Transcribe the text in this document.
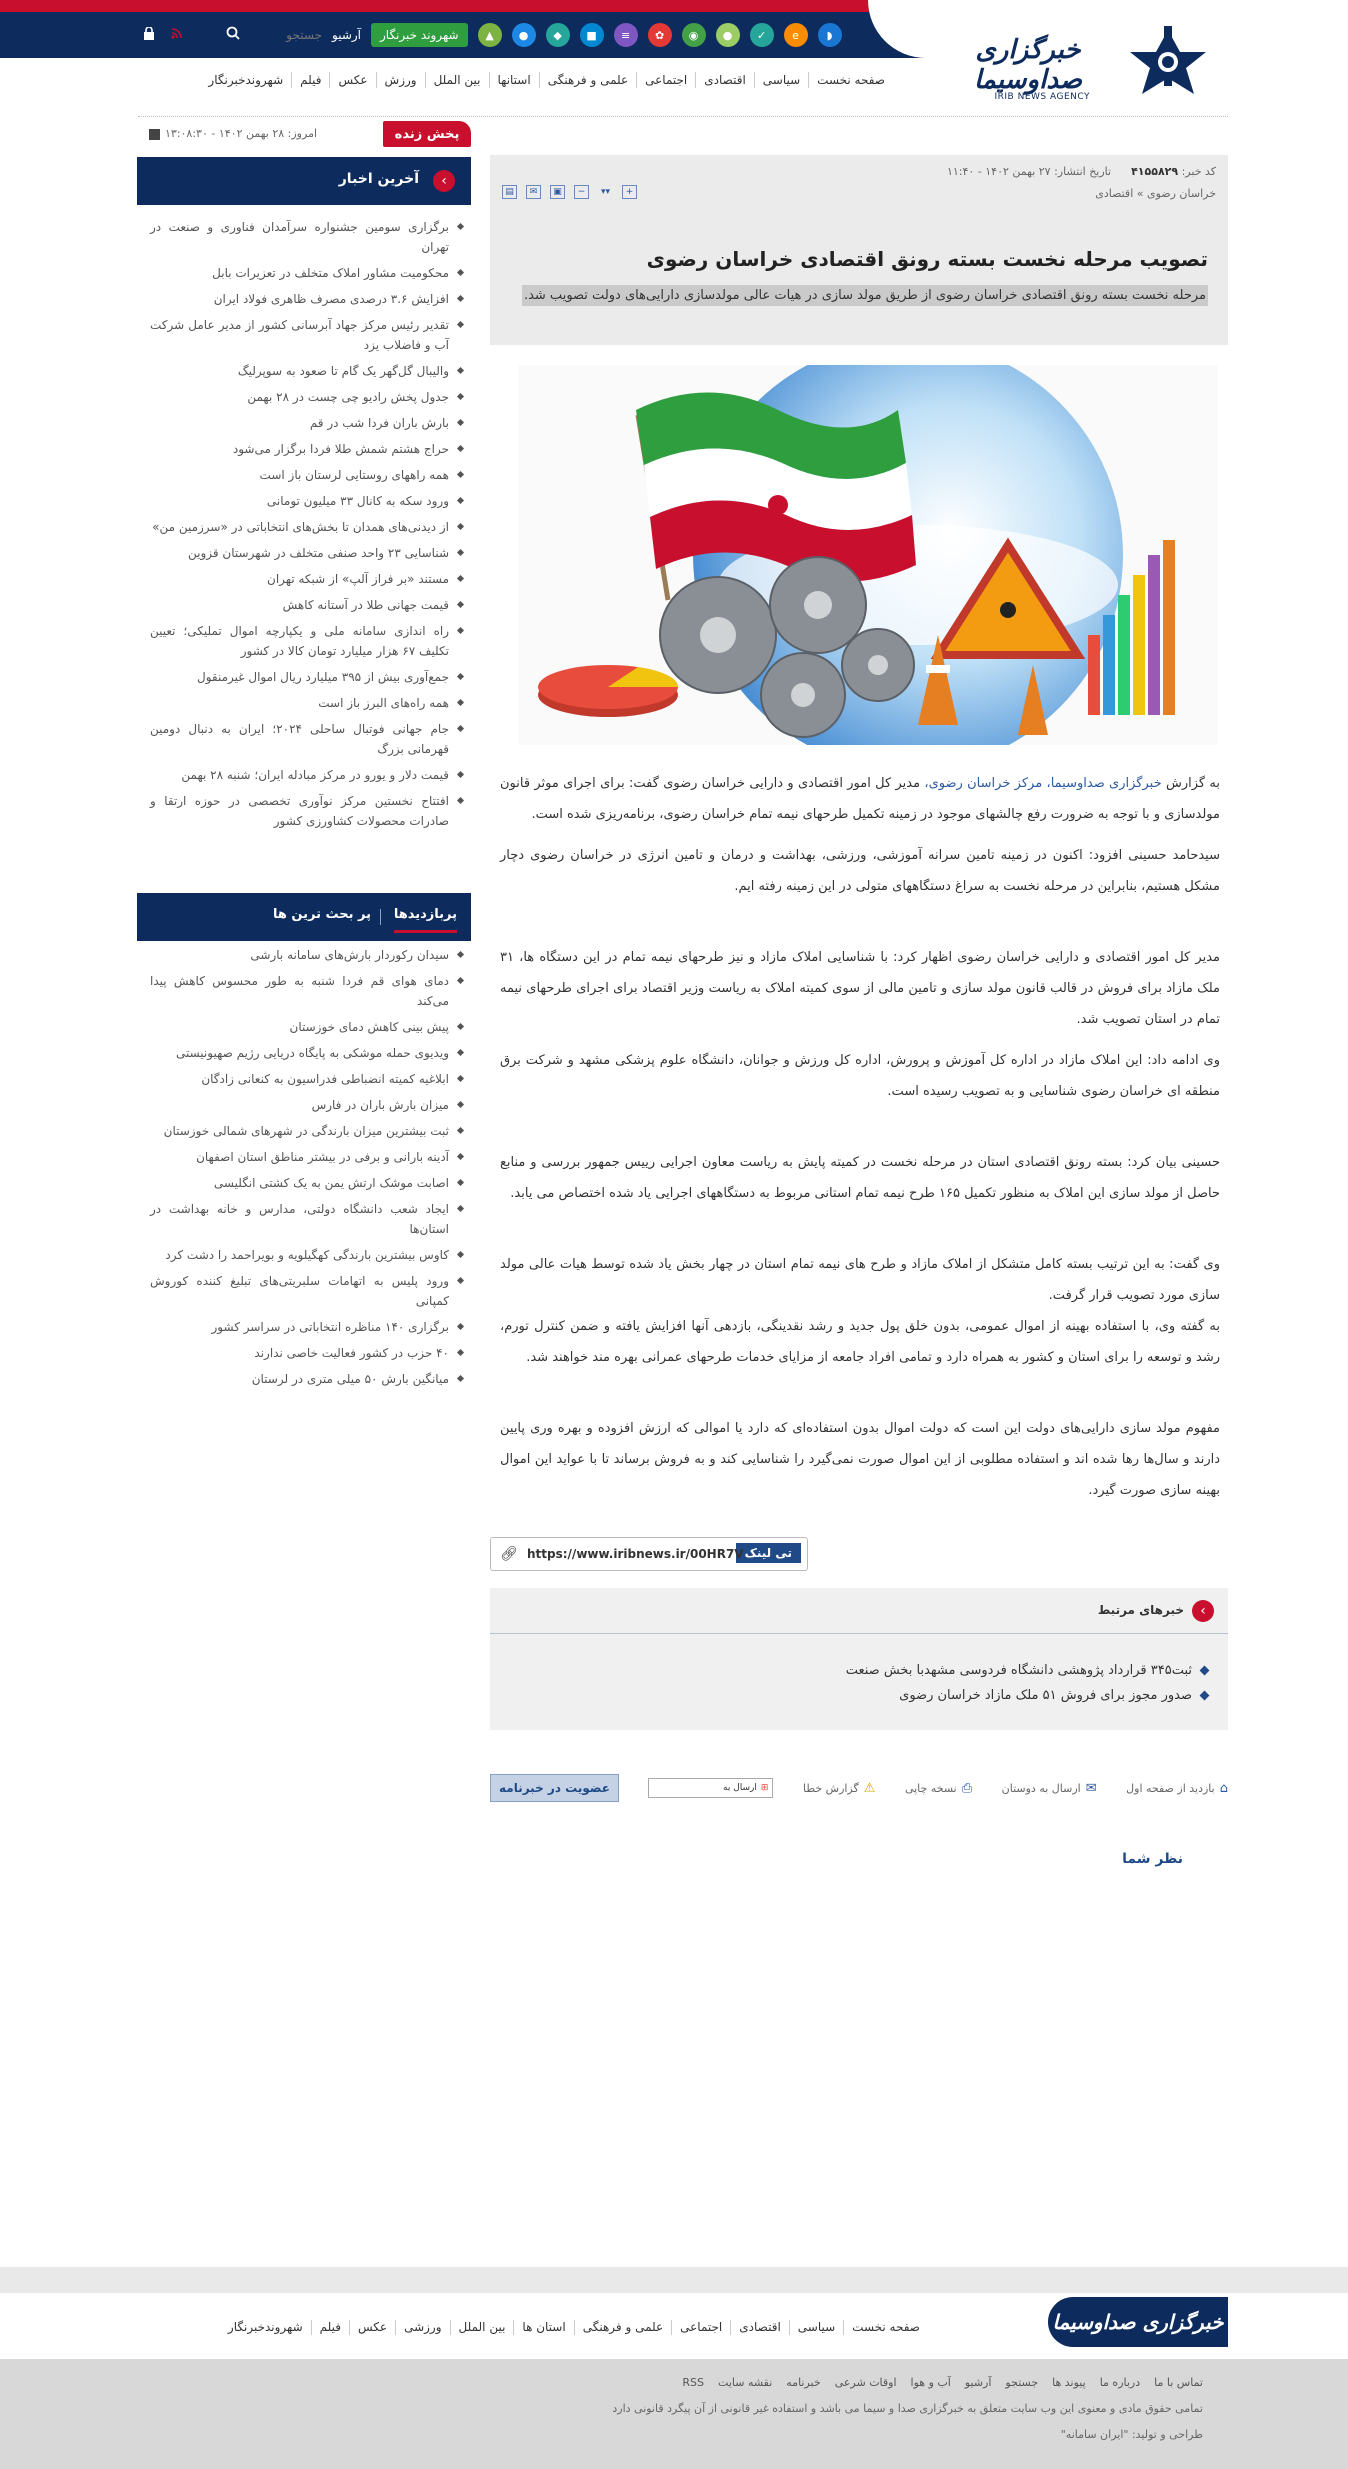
جستجو
آرشیو	شهروند خبرنگار	▲	●	◆	■	≡	✿	◉	●	✓	e	◗	خبرگزاری صداوسیما
IRIB NEWS AGENCY
صفحه نخست
سیاسی
اقتصادی
اجتماعی
علمی و فرهنگی
استانها
بین الملل
ورزش
عکس
فیلم
شهروندخبرنگار
پخش زنده
امروز: ۲۸ بهمن ۱۴۰۲ - ۱۳:۰۸:۳۰
›
آخرین اخبار
برگزاری سومین جشنواره سرآمدان فناوری و صنعت در تهران
محکومیت مشاور املاک متخلف در تعزیرات بابل
افزایش ۳.۶ درصدی مصرف ظاهری فولاد ایران
تقدیر رئیس مرکز جهاد آبرسانی کشور از مدیر عامل شرکت آب و فاضلاب یزد
والیبال گل‌گهر یک گام تا صعود به سوپرلیگ
جدول پخش رادیو چی چست در ۲۸ بهمن
بارش باران فردا شب در قم
حراج هشتم شمش طلا فردا برگزار می‌شود
همه راههای روستایی لرستان باز است
ورود سکه به کانال ۳۳ میلیون تومانی
از دیدنی‌های همدان تا بخش‌های انتخاباتی در «سرزمین من»
شناسایی ۲۳ واحد صنفی متخلف در شهرستان قزوین
مستند «بر فراز آلپ» از شبکه تهران
قیمت جهانی طلا در آستانه کاهش
راه اندازی سامانه ملی و یکپارچه اموال تملیکی؛ تعیین تکلیف ۶۷ هزار میلیارد تومان کالا در کشور
جمع‌آوری بیش از ۳۹۵ میلیارد ریال اموال غیرمنقول
همه راه‌های البرز باز است
جام جهانی فوتبال ساحلی ۲۰۲۴؛ ایران به دنبال دومین قهرمانی بزرگ
قیمت دلار و یورو در مرکز مبادله ایران؛ شنبه ۲۸ بهمن
افتتاح نخستین مرکز نوآوری تخصصی در حوزه ارتقا و صادرات محصولات کشاورزی کشور
پربازدیدها
پر بحث ترین ها
سیدان رکوردار بارش‌های سامانه بارشی
دمای هوای قم فردا شنبه به طور محسوس کاهش پیدا می‌کند
پیش بینی کاهش دمای خوزستان
ویدیوی حمله موشکی به پایگاه دریایی رژیم صهیونیستی
ابلاغیه کمیته انضباطی فدراسیون به کنعانی زادگان
میزان بارش باران در فارس
ثبت بیشترین میزان بارندگی در شهرهای شمالی خوزستان
آدینه بارانی و برفی در بیشتر مناطق استان اصفهان
اصابت موشک ارتش یمن به یک کشتی انگلیسی
ایجاد شعب دانشگاه دولتی، مدارس و خانه بهداشت در استان‌ها
کاوس بیشترین بارندگی کهگیلویه و بویراحمد را دشت کرد
ورود پلیس به اتهامات سلبریتی‌های تبلیغ کننده کوروش کمپانی
برگزاری ۱۴۰ مناظره انتخاباتی در سراسر کشور
۴۰ حزب در کشور فعالیت خاصی ندارند
میانگین بارش ۵۰ میلی متری در لرستان
کد خبر: ۴۱۵۵۸۲۹
تاریخ انتشار: ۲۷ بهمن ۱۴۰۲ - ۱۱:۴۰
خراسان رضوی » اقتصادی
▤	✉	▣	−	▾▾	+
تصویب مرحله نخست بسته رونق اقتصادی خراسان رضوی
مرحله نخست بسته رونق اقتصادی خراسان رضوی از طریق مولد سازی در هیات عالی مولدسازی دارایی‌های دولت تصویب شد.

به گزارش خبرگزاری صداوسیما، مرکز خراسان رضوی، مدیر کل امور اقتصادی و دارایی خراسان رضوی گفت: برای اجرای موثر قانون مولدسازی و با توجه به ضرورت رفع چالشهای موجود در زمینه تکمیل طرحهای نیمه تمام خراسان رضوی، برنامه‌ریزی شده است.

سیدحامد حسینی افزود: اکنون در زمینه تامین سرانه آموزشی، ورزشی، بهداشت و درمان و تامین انرژی در خراسان رضوی دچار مشکل هستیم، بنابراین در مرحله نخست به سراغ دستگاههای متولی در این زمینه رفته ایم.

مدیر کل امور اقتصادی و دارایی خراسان رضوی اظهار کرد: با شناسایی املاک مازاد و نیز طرحهای نیمه تمام در این دستگاه ها، ۳۱ ملک مازاد برای فروش در قالب قانون مولد سازی و تامین مالی از سوی کمیته املاک به ریاست وزیر اقتصاد برای اجرای طرحهای نیمه تمام در استان تصویب شد.

وی ادامه داد: این املاک مازاد در اداره کل آموزش و پرورش، اداره کل ورزش و جوانان، دانشگاه علوم پزشکی مشهد و شرکت برق منطقه ای خراسان رضوی شناسایی و به تصویب رسیده است.

حسینی بیان کرد: بسته رونق اقتصادی استان در مرحله نخست در کمیته پایش به ریاست معاون اجرایی رییس جمهور بررسی و منابع حاصل از مولد سازی این املاک به منظور تکمیل ۱۶۵ طرح نیمه تمام استانی مربوط به دستگاههای اجرایی یاد شده اختصاص می یابد.

وی گفت: به این ترتیب بسته کامل متشکل از املاک مازاد و طرح های نیمه تمام استان در چهار بخش یاد شده توسط هیات عالی مولد سازی مورد تصویب قرار گرفت.

به گفته وی، با استفاده بهینه از اموال عمومی، بدون خلق پول جدید و رشد نقدینگی، بازدهی آنها افزایش یافته و ضمن کنترل تورم، رشد و توسعه را برای استان و کشور به همراه دارد و تمامی افراد جامعه از مزایای خدمات طرحهای عمرانی بهره مند خواهند شد.

مفهوم مولد سازی دارایی‌های دولت این است که دولت اموال بدون استفاده‌ای که دارد یا اموالی که ارزش افزوده و بهره وری پایین دارند و سال‌ها رها شده اند و استفاده مطلوبی از این اموال صورت نمی‌گیرد را شناسایی کند و به فروش برساند تا با عواید این اموال بهینه سازی صورت گیرد.

تی لینک
https://www.iribnews.ir/00HR7V
🔗︎
›
خبرهای مرتبط
ثبت۳۴۵ قرارداد پژوهشی دانشگاه فردوسی مشهدبا بخش صنعت
صدور مجوز برای فروش ۵۱ ملک مازاد خراسان رضوی
⌂
بازدید از صفحه اول
✉
ارسال به دوستان
⎙
نسخه چاپی
⚠
گزارش خطا
⊞
ارسال به
عضویت در خبرنامه
نظر شما
خبرگزاری صداوسیما
صفحه نخست
سیاسی
اقتصادی
اجتماعی
علمی و فرهنگی
استان ها
بین الملل
ورزشی
عکس
فیلم
شهروندخبرنگار
تماس با ما
درباره ما
پیوند ها
جستجو
آرشیو
آب و هوا
اوقات شرعی
خبرنامه
نقشه سایت
RSS
تمامی حقوق مادی و معنوی این وب سایت متعلق به خبرگزاری صدا و سیما می باشد و استفاده غیر قانونی از آن پیگرد قانونی دارد
طراحی و تولید: "ایران سامانه"
